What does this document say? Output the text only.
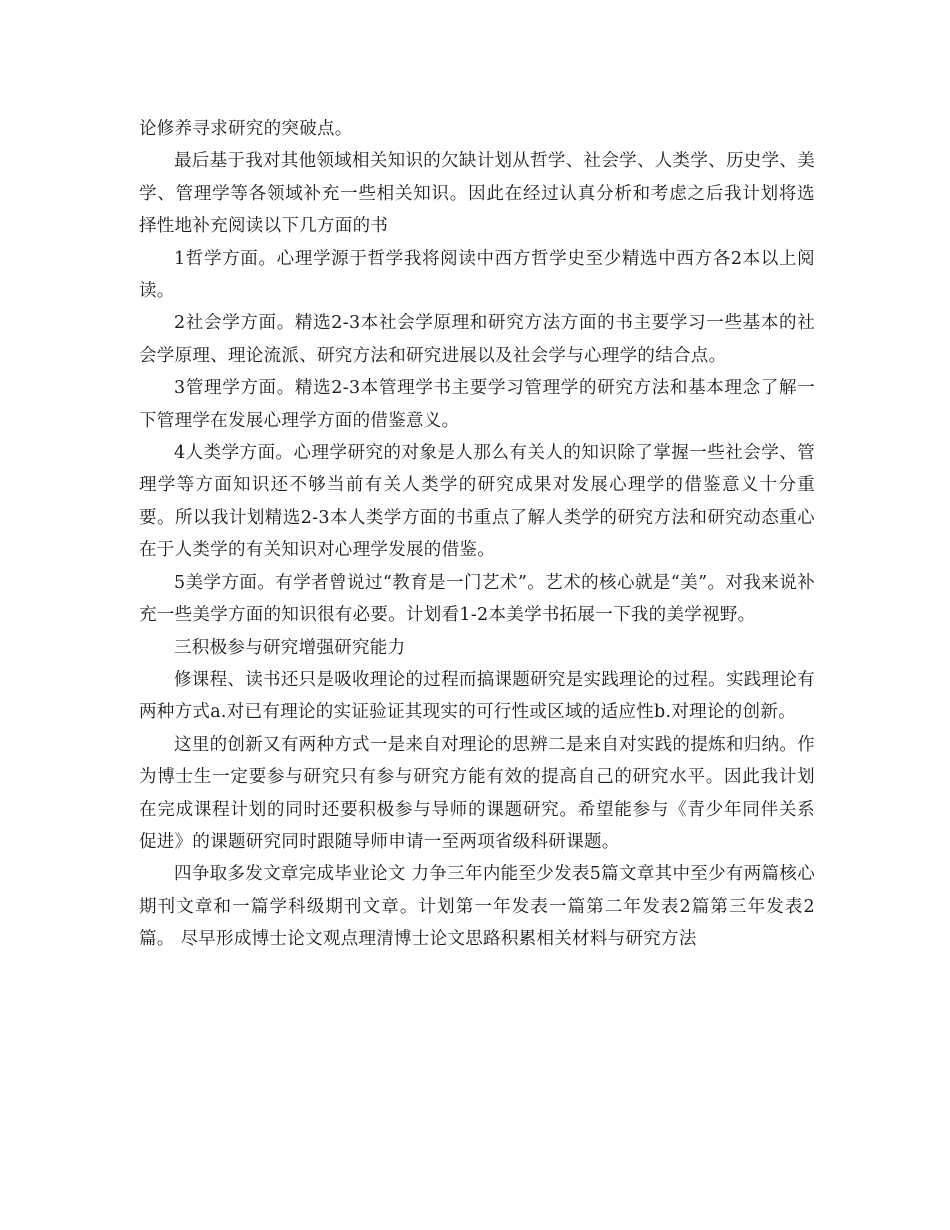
论修养寻求研究的突破点。

最后基于我对其他领域相关知识的欠缺计划从哲学、社会学、人类学、历史学、美学、管理学等各领域补充一些相关知识。因此在经过认真分析和考虑之后我计划将选择性地补充阅读以下几方面的书

1哲学方面。心理学源于哲学我将阅读中西方哲学史至少精选中西方各2本以上阅读。

2社会学方面。精选2-3本社会学原理和研究方法方面的书主要学习一些基本的社会学原理、理论流派、研究方法和研究进展以及社会学与心理学的结合点。

3管理学方面。精选2-3本管理学书主要学习管理学的研究方法和基本理念了解一下管理学在发展心理学方面的借鉴意义。

4人类学方面。心理学研究的对象是人那么有关人的知识除了掌握一些社会学、管理学等方面知识还不够当前有关人类学的研究成果对发展心理学的借鉴意义十分重要。所以我计划精选2-3本人类学方面的书重点了解人类学的研究方法和研究动态重心在于人类学的有关知识对心理学发展的借鉴。

5美学方面。有学者曾说过“教育是一门艺术”。艺术的核心就是“美”。对我来说补充一些美学方面的知识很有必要。计划看1-2本美学书拓展一下我的美学视野。

三积极参与研究增强研究能力

修课程、读书还只是吸收理论的过程而搞课题研究是实践理论的过程。实践理论有两种方式a.对已有理论的实证验证其现实的可行性或区域的适应性b.对理论的创新。

这里的创新又有两种方式一是来自对理论的思辨二是来自对实践的提炼和归纳。作为博士生一定要参与研究只有参与研究方能有效的提高自己的研究水平。因此我计划在完成课程计划的同时还要积极参与导师的课题研究。希望能参与《青少年同伴关系促进》的课题研究同时跟随导师申请一至两项省级科研课题。

四争取多发文章完成毕业论文 力争三年内能至少发表5篇文章其中至少有两篇核心期刊文章和一篇学科级期刊文章。计划第一年发表一篇第二年发表2篇第三年发表2篇。 尽早形成博士论文观点理清博士论文思路积累相关材料与研究方法
